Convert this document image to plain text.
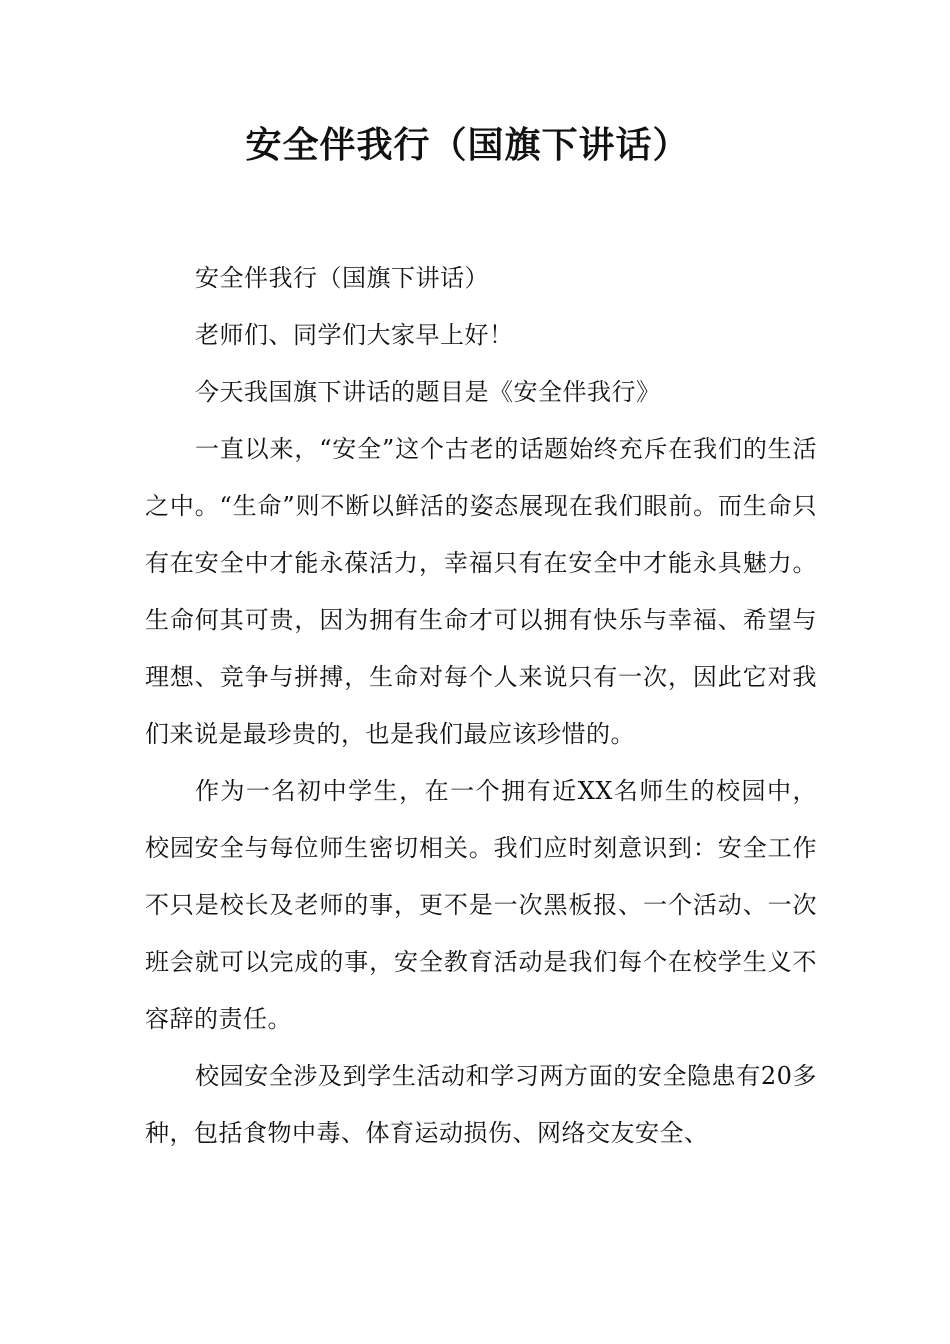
安全伴我行（国旗下讲话）

安全伴我行（国旗下讲话）

老师们、同学们大家早上好！

今天我国旗下讲话的题目是《安全伴我行》

一直以来，“安全”这个古老的话题始终充斥在我们的生活之中。“生命”则不断以鲜活的姿态展现在我们眼前。而生命只有在安全中才能永葆活力，幸福只有在安全中才能永具魅力。生命何其可贵，因为拥有生命才可以拥有快乐与幸福、希望与理想、竞争与拼搏，生命对每个人来说只有一次，因此它对我们来说是最珍贵的，也是我们最应该珍惜的。

作为一名初中学生，在一个拥有近XX名师生的校园中，校园安全与每位师生密切相关。我们应时刻意识到：安全工作不只是校长及老师的事，更不是一次黑板报、一个活动、一次班会就可以完成的事，安全教育活动是我们每个在校学生义不容辞的责任。

校园安全涉及到学生活动和学习两方面的安全隐患有20多种，包括食物中毒、体育运动损伤、网络交友安全、
